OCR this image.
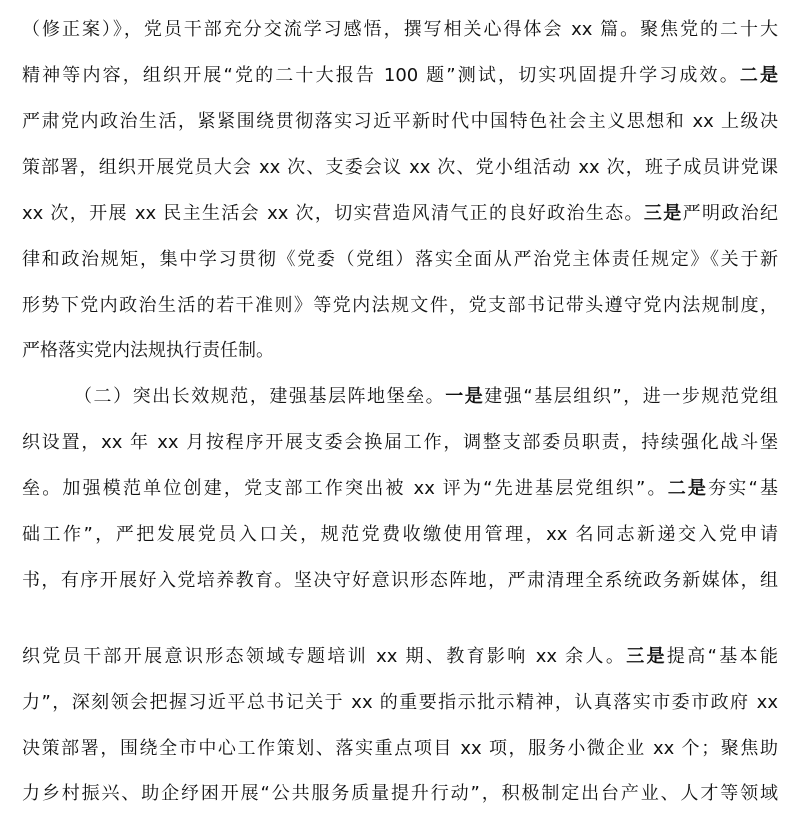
（修正案）》，党员干部充分交流学习感悟，撰写相关心得体会 xx 篇。聚焦党的二十大
精神等内容，组织开展“党的二十大报告 100 题”测试，切实巩固提升学习成效。二是
严肃党内政治生活，紧紧围绕贯彻落实习近平新时代中国特色社会主义思想和 xx 上级决
策部署，组织开展党员大会 xx 次、支委会议 xx 次、党小组活动 xx 次，班子成员讲党课
xx 次，开展 xx 民主生活会 xx 次，切实营造风清气正的良好政治生态。三是严明政治纪
律和政治规矩，集中学习贯彻《党委（党组）落实全面从严治党主体责任规定》《关于新
形势下党内政治生活的若干准则》等党内法规文件，党支部书记带头遵守党内法规制度，
严格落实党内法规执行责任制。
（二）突出长效规范，建强基层阵地堡垒。一是建强“基层组织”，进一步规范党组
织设置，xx 年 xx 月按程序开展支委会换届工作，调整支部委员职责，持续强化战斗堡
垒。加强模范单位创建，党支部工作突出被 xx 评为“先进基层党组织”。二是夯实“基
础工作”，严把发展党员入口关，规范党费收缴使用管理，xx 名同志新递交入党申请
书，有序开展好入党培养教育。坚决守好意识形态阵地，严肃清理全系统政务新媒体，组
织党员干部开展意识形态领域专题培训 xx 期、教育影响 xx 余人。三是提高“基本能
力”，深刻领会把握习近平总书记关于 xx 的重要指示批示精神，认真落实市委市政府 xx
决策部署，围绕全市中心工作策划、落实重点项目 xx 项，服务小微企业 xx 个；聚焦助
力乡村振兴、助企纾困开展“公共服务质量提升行动”，积极制定出台产业、人才等领域
